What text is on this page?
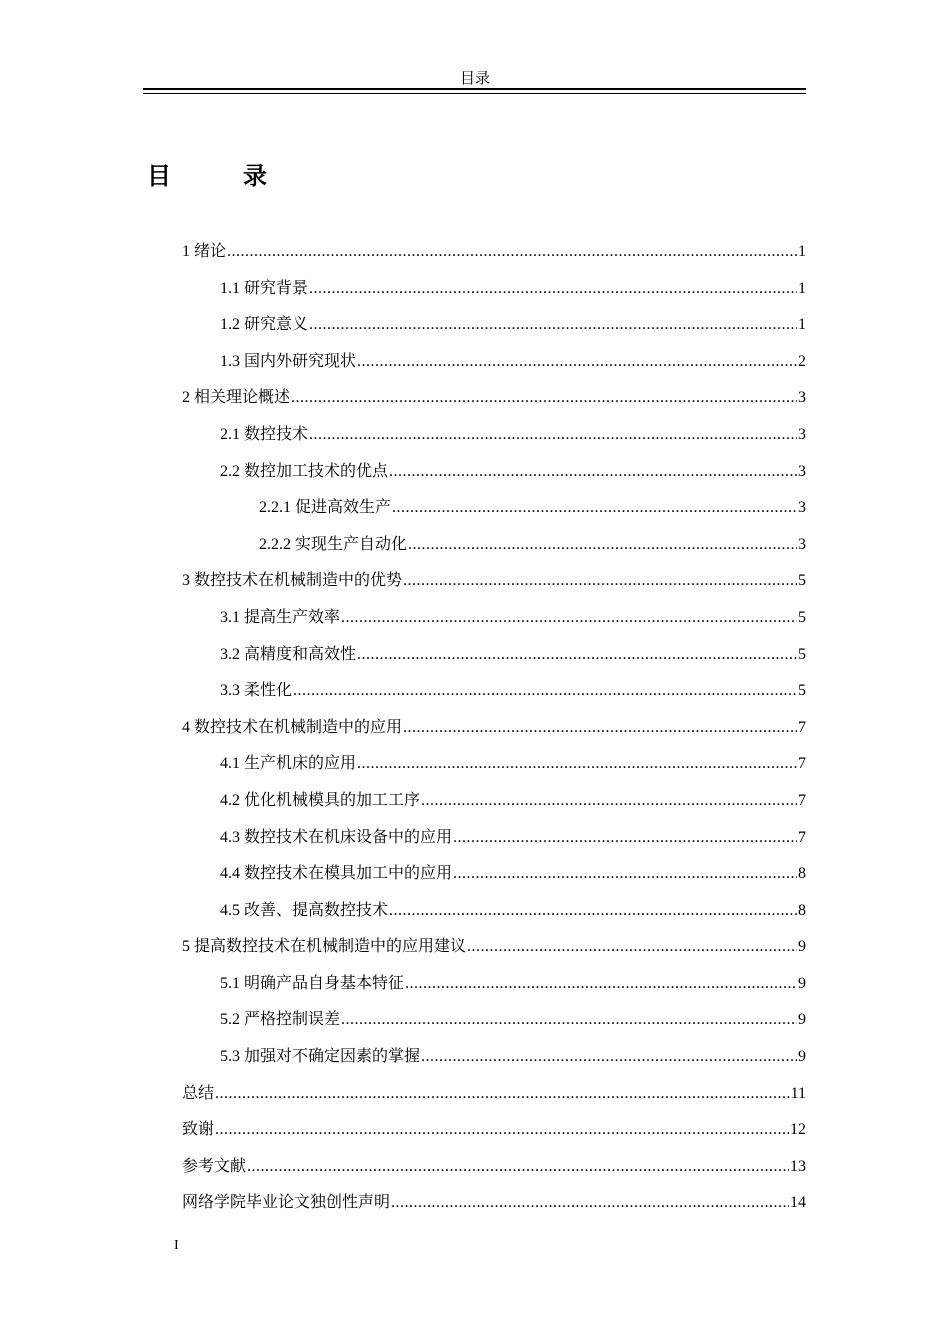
目录
目　录
1 绪论 .....	1
1.1 研究背景 .....	1
1.2 研究意义 .....	1
1.3 国内外研究现状 .....	2
2 相关理论概述 .....	3
2.1 数控技术 .....	3
2.2 数控加工技术的优点 .....	3
2.2.1 促进高效生产 .....	3
2.2.2 实现生产自动化 .....	3
3 数控技术在机械制造中的优势 .....	5
3.1 提高生产效率 .....	5
3.2 高精度和高效性 .....	5
3.3 柔性化 .....	5
4 数控技术在机械制造中的应用 .....	7
4.1 生产机床的应用 .....	7
4.2 优化机械模具的加工工序 .....	7
4.3 数控技术在机床设备中的应用 .....	7
4.4 数控技术在模具加工中的应用 .....	8
4.5 改善、提高数控技术 .....	8
5 提高数控技术在机械制造中的应用建议 .....	9
5.1 明确产品自身基本特征 .....	9
5.2 严格控制误差 .....	9
5.3 加强对不确定因素的掌握 .....	9
总结 .....	11
致谢 .....	12
参考文献 .....	13
网络学院毕业论文独创性声明 .....	14
I
